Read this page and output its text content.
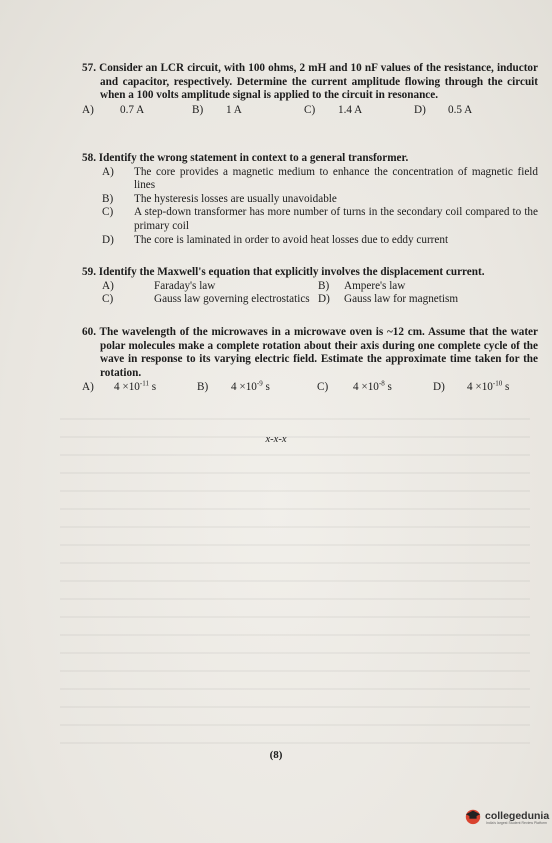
57. Consider an LCR circuit, with 100 ohms, 2 mH and 10 nF values of the resistance, inductor and capacitor, respectively. Determine the current amplitude flowing through the circuit when a 100 volts amplitude signal is applied to the circuit in resonance.
A)	0.7 A	B)	1 A	C)	1.4 A	D)	0.5 A
58. Identify the wrong statement in context to a general transformer.
A)	The core provides a magnetic medium to enhance the concentration of magnetic field lines
B)	The hysteresis losses are usually unavoidable
C)	A step-down transformer has more number of turns in the secondary coil compared to the primary coil
D)	The core is laminated in order to avoid heat losses due to eddy current
59. Identify the Maxwell's equation that explicitly involves the displacement current.
A)	Faraday's law	B)	Ampere's law
C)	Gauss law governing electrostatics D)	Gauss law for magnetism
60. The wavelength of the microwaves in a microwave oven is ~12 cm. Assume that the water polar molecules make a complete rotation about their axis during one complete cycle of the wave in response to its varying electric field. Estimate the approximate time taken for the rotation.
A)	$4 \times 10^{-11}$ s	B)	$4 \times 10^{-9}$ s	C)	$4 \times 10^{-8}$ s	D)	$4 \times 10^{-10}$ s
x-x-x
(8)
collegedunia
India's largest Student Review Platform
